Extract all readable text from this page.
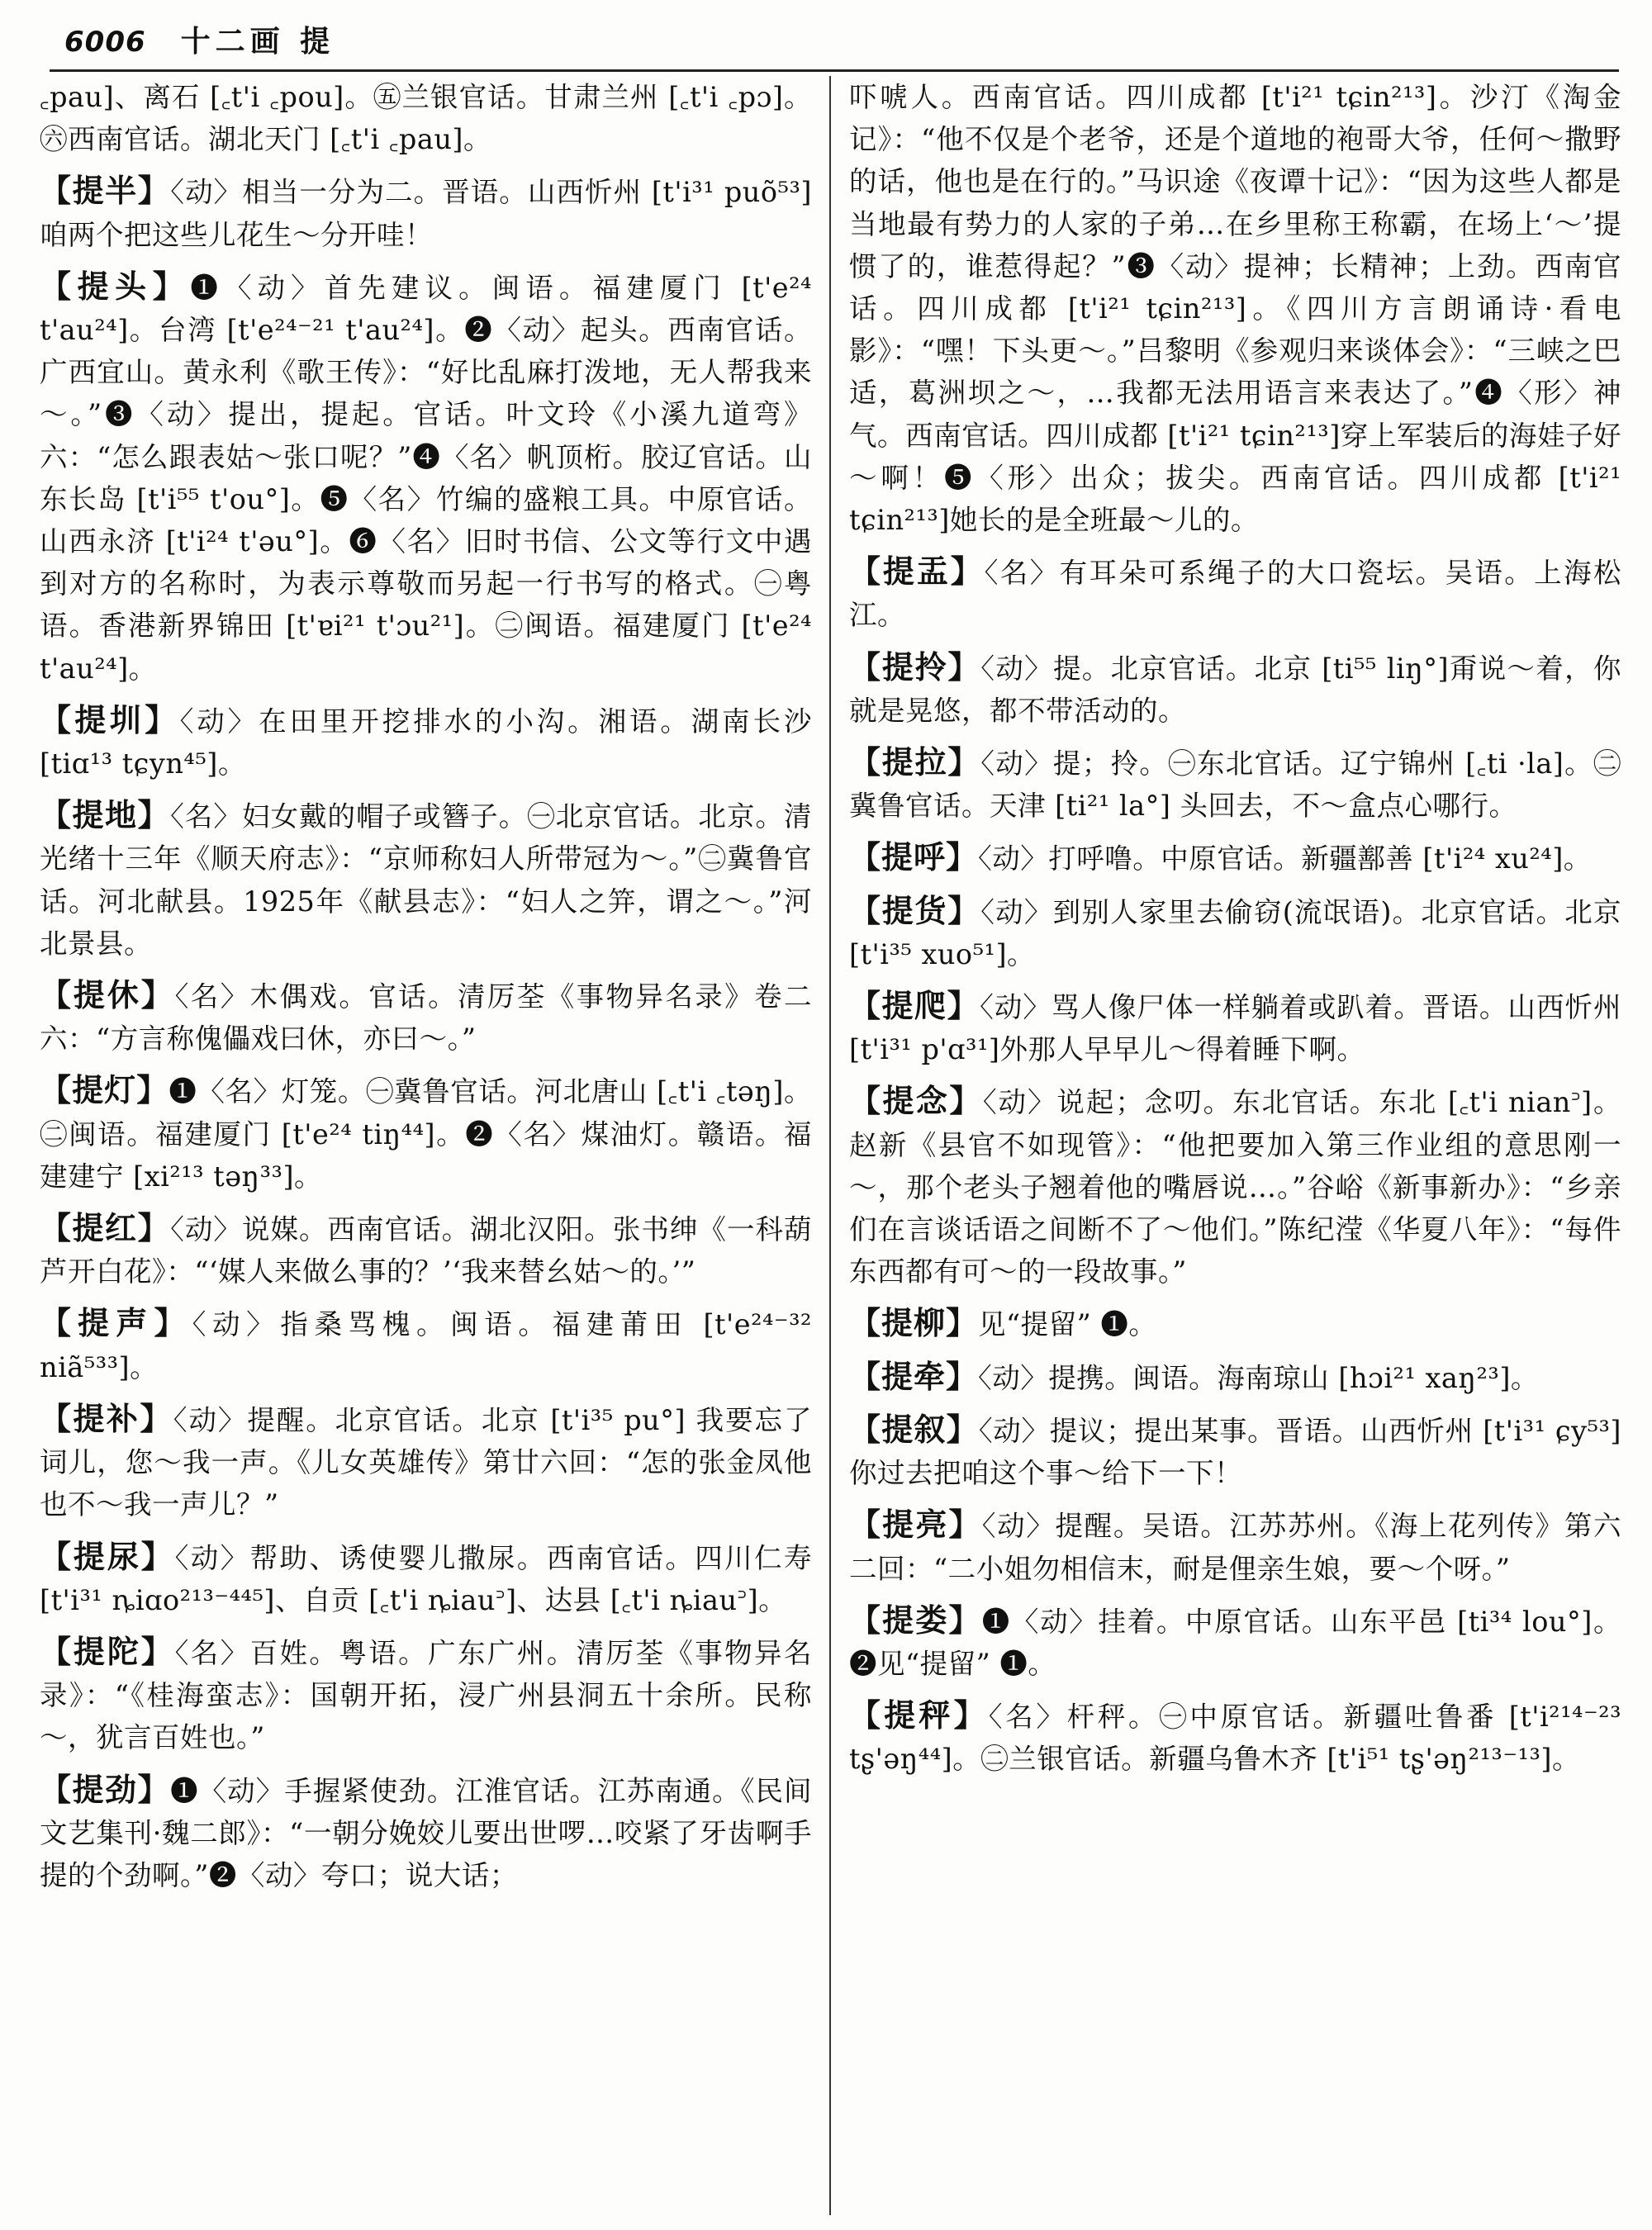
6006 十二画 提

꜀pau]、离石 [꜀t'i ꜀pou]。㊄兰银官话。甘肃兰州 [꜀t'i ꜀pɔ]。㊅西南官话。湖北天门 [꜀t'i ꜀pau]。

【提半】〈动〉相当一分为二。晋语。山西忻州 [t'i³¹ puõ⁵³]咱两个把这些儿花生～分开哇！

【提头】❶〈动〉首先建议。闽语。福建厦门 [t'e²⁴ t'au²⁴]。台湾 [t'e²⁴⁻²¹ t'au²⁴]。❷〈动〉起头。西南官话。广西宜山。黄永利《歌王传》：“好比乱麻打泼地，无人帮我来～。”❸〈动〉提出，提起。官话。叶文玲《小溪九道弯》六：“怎么跟表姑～张口呢？”❹〈名〉帆顶桁。胶辽官话。山东长岛 [t'i⁵⁵ t'ou°]。❺〈名〉竹编的盛粮工具。中原官话。山西永济 [t'i²⁴ t'əu°]。❻〈名〉旧时书信、公文等行文中遇到对方的名称时，为表示尊敬而另起一行书写的格式。㊀粤语。香港新界锦田 [t'ɐi²¹ t'ɔu²¹]。㊁闽语。福建厦门 [t'e²⁴ t'au²⁴]。

【提圳】〈动〉在田里开挖排水的小沟。湘语。湖南长沙 [tiɑ¹³ tɕyn⁴⁵]。

【提地】〈名〉妇女戴的帽子或簪子。㊀北京官话。北京。清光绪十三年《顺天府志》：“京师称妇人所带冠为～。”㊁冀鲁官话。河北献县。1925年《献县志》：“妇人之笄，谓之～。”河北景县。

【提休】〈名〉木偶戏。官话。清厉荃《事物异名录》卷二六：“方言称傀儡戏曰休，亦曰～。”

【提灯】❶〈名〉灯笼。㊀冀鲁官话。河北唐山 [꜀t'i ꜀təŋ]。㊁闽语。福建厦门 [t'e²⁴ tiŋ⁴⁴]。❷〈名〉煤油灯。赣语。福建建宁 [xi²¹³ təŋ³³]。

【提红】〈动〉说媒。西南官话。湖北汉阳。张书绅《一科葫芦开白花》：“‘媒人来做么事的？’‘我来替幺姑～的。’”

【提声】〈动〉指桑骂槐。闽语。福建莆田 [t'e²⁴⁻³² niã⁵³³]。

【提补】〈动〉提醒。北京官话。北京 [t'i³⁵ pu°] 我要忘了词儿，您～我一声。《儿女英雄传》第廿六回：“怎的张金凤他也不～我一声儿？”

【提尿】〈动〉帮助、诱使婴儿撒尿。西南官话。四川仁寿 [t'i³¹ ȵiɑo²¹³⁻⁴⁴⁵]、自贡 [꜀t'i ȵiau꜄]、达县 [꜀t'i ȵiau꜄]。

【提陀】〈名〉百姓。粤语。广东广州。清厉荃《事物异名录》：“《桂海蛮志》：国朝开拓，浸广州县洞五十余所。民称～，犹言百姓也。”

【提劲】❶〈动〉手握紧使劲。江淮官话。江苏南通。《民间文艺集刊·魏二郎》：“一朝分娩姣儿要出世啰…咬紧了牙齿啊手提的个劲啊。”❷〈动〉夸口；说大话；

吓唬人。西南官话。四川成都 [t'i²¹ tɕin²¹³]。沙汀《淘金记》：“他不仅是个老爷，还是个道地的袍哥大爷，任何～撒野的话，他也是在行的。”马识途《夜谭十记》：“因为这些人都是当地最有势力的人家的子弟…在乡里称王称霸，在场上‘～’提惯了的，谁惹得起？”❸〈动〉提神；长精神；上劲。西南官话。四川成都 [t'i²¹ tɕin²¹³]。《四川方言朗诵诗·看电影》：“嘿！下头更～。”吕黎明《参观归来谈体会》：“三峡之巴适，葛洲坝之～，…我都无法用语言来表达了。”❹〈形〉神气。西南官话。四川成都 [t'i²¹ tɕin²¹³]穿上军装后的海娃子好～啊！❺〈形〉出众；拔尖。西南官话。四川成都 [t'i²¹ tɕin²¹³]她长的是全班最～儿的。

【提盂】〈名〉有耳朵可系绳子的大口瓷坛。吴语。上海松江。

【提拎】〈动〉提。北京官话。北京 [ti⁵⁵ liŋ°]甭说～着，你就是晃悠，都不带活动的。

【提拉】〈动〉提；拎。㊀东北官话。辽宁锦州 [꜀ti ·la]。㊁冀鲁官话。天津 [ti²¹ la°] 头回去，不～盒点心哪行。

【提呼】〈动〉打呼噜。中原官话。新疆鄯善 [t'i²⁴ xu²⁴]。

【提货】〈动〉到别人家里去偷窃(流氓语)。北京官话。北京 [t'i³⁵ xuo⁵¹]。

【提爬】〈动〉骂人像尸体一样躺着或趴着。晋语。山西忻州 [t'i³¹ p'ɑ³¹]外那人早早儿～得着睡下啊。

【提念】〈动〉说起；念叨。东北官话。东北 [꜀t'i nian꜄]。赵新《县官不如现管》：“他把要加入第三作业组的意思刚一～，那个老头子翘着他的嘴唇说…。”谷峪《新事新办》：“乡亲们在言谈话语之间断不了～他们。”陈纪滢《华夏八年》：“每件东西都有可～的一段故事。”

【提柳】见“提留” ❶。

【提牵】〈动〉提携。闽语。海南琼山 [hɔi²¹ xaŋ²³]。

【提叙】〈动〉提议；提出某事。晋语。山西忻州 [t'i³¹ ɕy⁵³]你过去把咱这个事～给下一下！

【提亮】〈动〉提醒。吴语。江苏苏州。《海上花列传》第六二回：“二小姐勿相信末，耐是俚亲生娘，要～个呀。”

【提娄】❶〈动〉挂着。中原官话。山东平邑 [ti³⁴ lou°]。❷见“提留” ❶。

【提秤】〈名〉杆秤。㊀中原官话。新疆吐鲁番 [t'i²¹⁴⁻²³ tʂ'əŋ⁴⁴]。㊁兰银官话。新疆乌鲁木齐 [t'i⁵¹ tʂ'əŋ²¹³⁻¹³]。
